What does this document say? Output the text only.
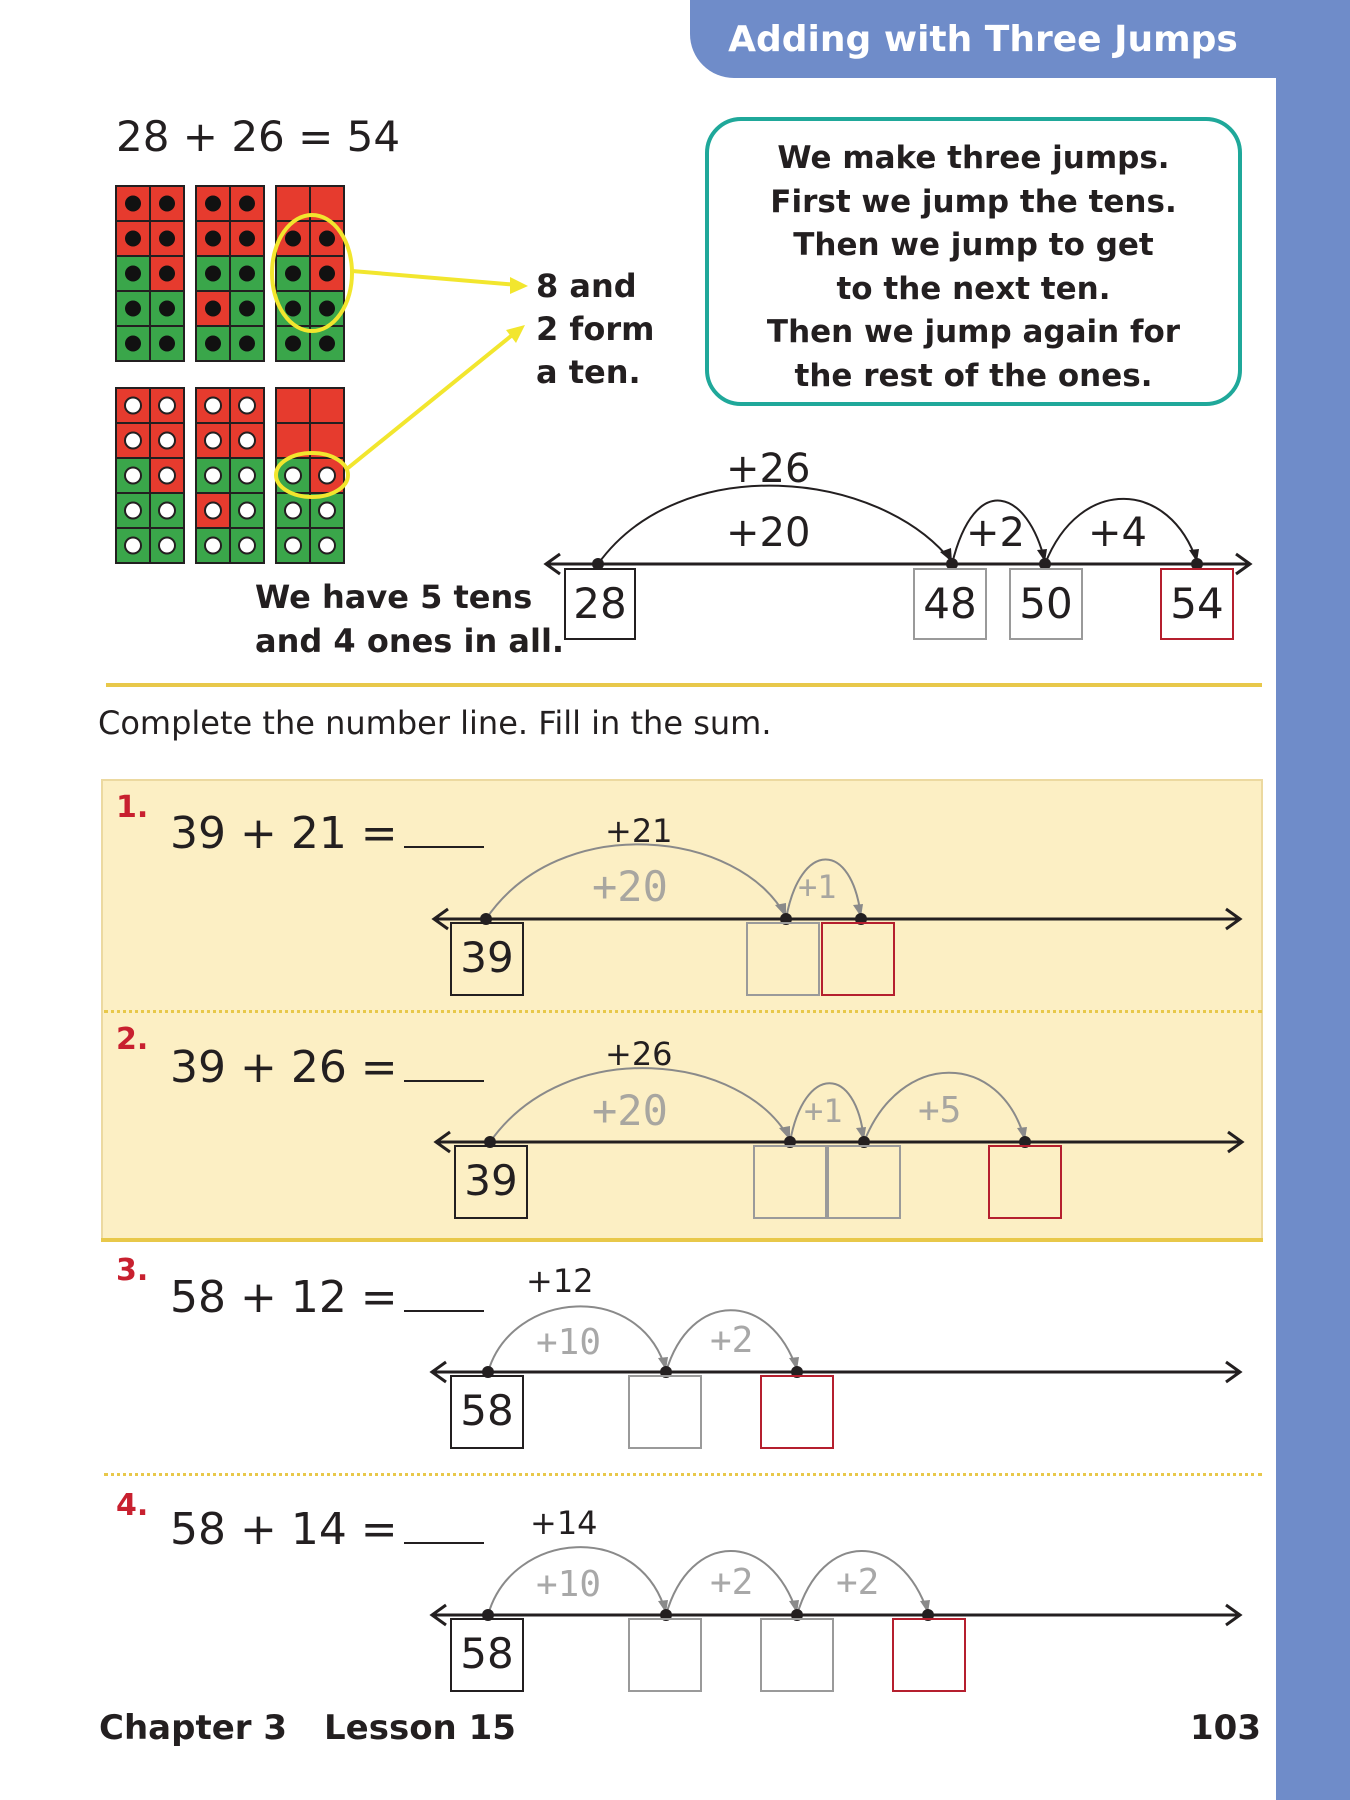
Adding with Three Jumps
28 + 26 = 54
8 and
2 form
a ten.
We make three jumps.
First we jump the tens.
Then we jump to get
to the next ten.
Then we jump again for
the rest of the ones.
We have 5 tens
and 4 ones in all.
+26
+20	+2 +4
28	48 50 54
Complete the number line. Fill in the sum.
1.
39 + 21 =	+21
+20	+1
39
2.
39 + 26 =	+26
+20	+1 +5
39
3.
58 + 12 =	+12
+10	+2
58
4. 58 + 14 =	+14
+10	+2 +2
58
Chapter 3 Lesson 15	103
